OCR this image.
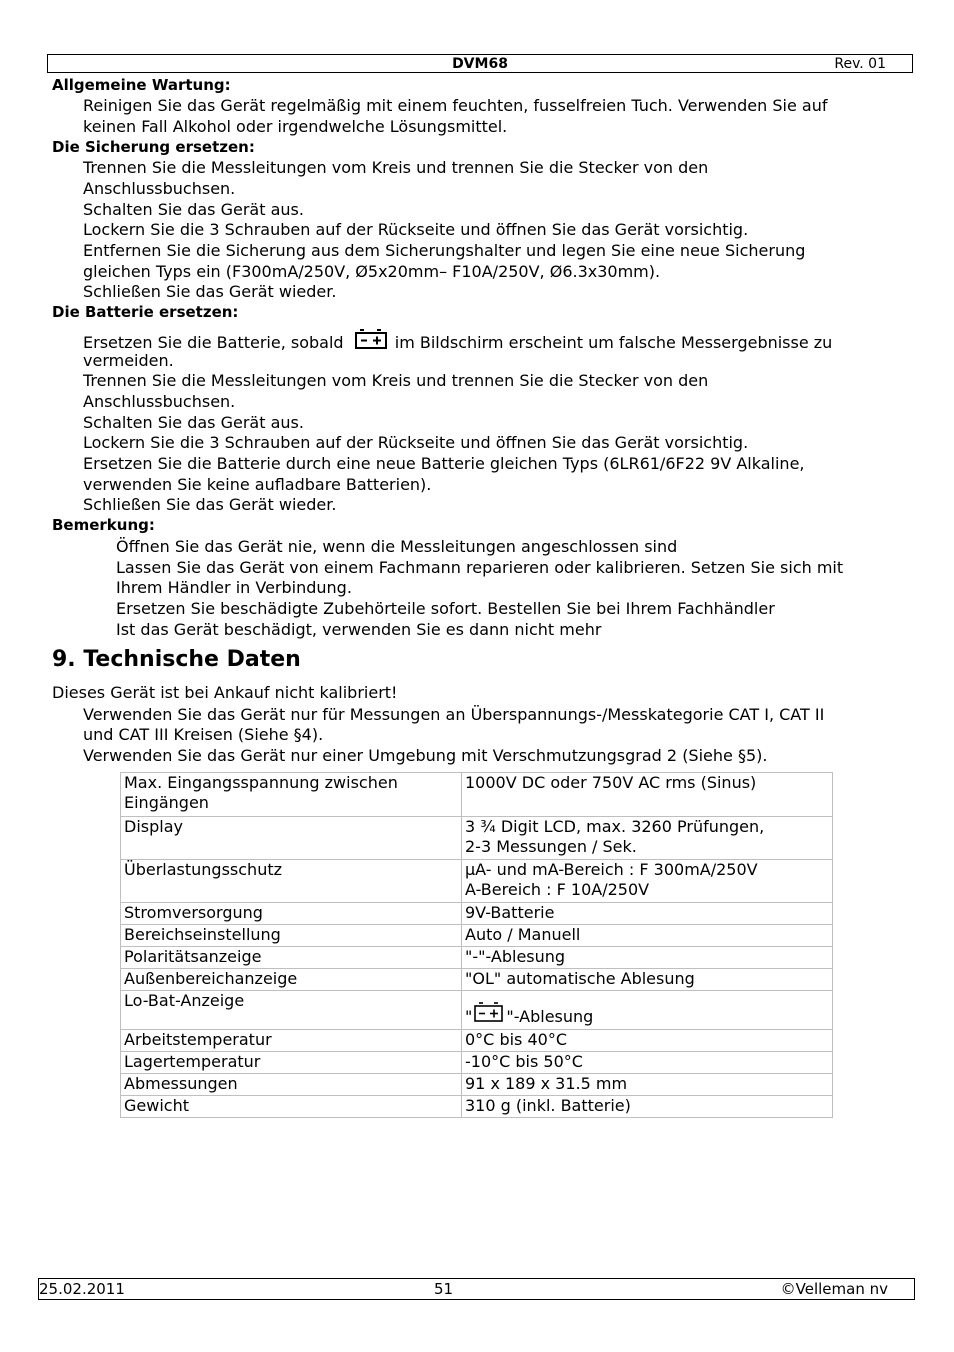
DVM68	Rev. 01
Allgemeine Wartung:
Reinigen Sie das Gerät regelmäßig mit einem feuchten, fusselfreien Tuch. Verwenden Sie auf
keinen Fall Alkohol oder irgendwelche Lösungsmittel.
Die Sicherung ersetzen:
Trennen Sie die Messleitungen vom Kreis und trennen Sie die Stecker von den
Anschlussbuchsen.
Schalten Sie das Gerät aus.
Lockern Sie die 3 Schrauben auf der Rückseite und öffnen Sie das Gerät vorsichtig.
Entfernen Sie die Sicherung aus dem Sicherungshalter und legen Sie eine neue Sicherung
gleichen Typs ein (F300mA/250V, Ø5x20mm– F10A/250V, Ø6.3x30mm).
Schließen Sie das Gerät wieder.
Die Batterie ersetzen:
Ersetzen Sie die Batterie, sobald	im Bildschirm erscheint um falsche Messergebnisse zu
vermeiden.
Trennen Sie die Messleitungen vom Kreis und trennen Sie die Stecker von den
Anschlussbuchsen.
Schalten Sie das Gerät aus.
Lockern Sie die 3 Schrauben auf der Rückseite und öffnen Sie das Gerät vorsichtig.
Ersetzen Sie die Batterie durch eine neue Batterie gleichen Typs (6LR61/6F22 9V Alkaline,
verwenden Sie keine aufladbare Batterien).
Schließen Sie das Gerät wieder.
Bemerkung:
Öffnen Sie das Gerät nie, wenn die Messleitungen angeschlossen sind
Lassen Sie das Gerät von einem Fachmann reparieren oder kalibrieren. Setzen Sie sich mit
Ihrem Händler in Verbindung.
Ersetzen Sie beschädigte Zubehörteile sofort. Bestellen Sie bei Ihrem Fachhändler
Ist das Gerät beschädigt, verwenden Sie es dann nicht mehr
9. Technische Daten
Dieses Gerät ist bei Ankauf nicht kalibriert!
Verwenden Sie das Gerät nur für Messungen an Überspannungs-/Messkategorie CAT I, CAT II
und CAT III Kreisen (Siehe §4).
Verwenden Sie das Gerät nur einer Umgebung mit Verschmutzungsgrad 2 (Siehe §5).
Max. Eingangsspannung zwischen
Eingängen	1000V DC oder 750V AC rms (Sinus)
Display	3 ¾ Digit LCD, max. 3260 Prüfungen,
2-3 Messungen / Sek.
Überlastungsschutz	µA- und mA-Bereich : F 300mA/250V
A-Bereich : F 10A/250V
Stromversorgung	9V-Batterie
Bereichseinstellung	Auto / Manuell
Polaritätsanzeige	"-"-Ablesung
Außenbereichanzeige	"OL" automatische Ablesung
Lo-Bat-Anzeige	" "-Ablesung
Arbeitstemperatur	0°C bis 40°C
Lagertemperatur	-10°C bis 50°C
Abmessungen	91 x 189 x 31.5 mm
Gewicht	310 g (inkl. Batterie)
25.02.2011	51	©Velleman nv
